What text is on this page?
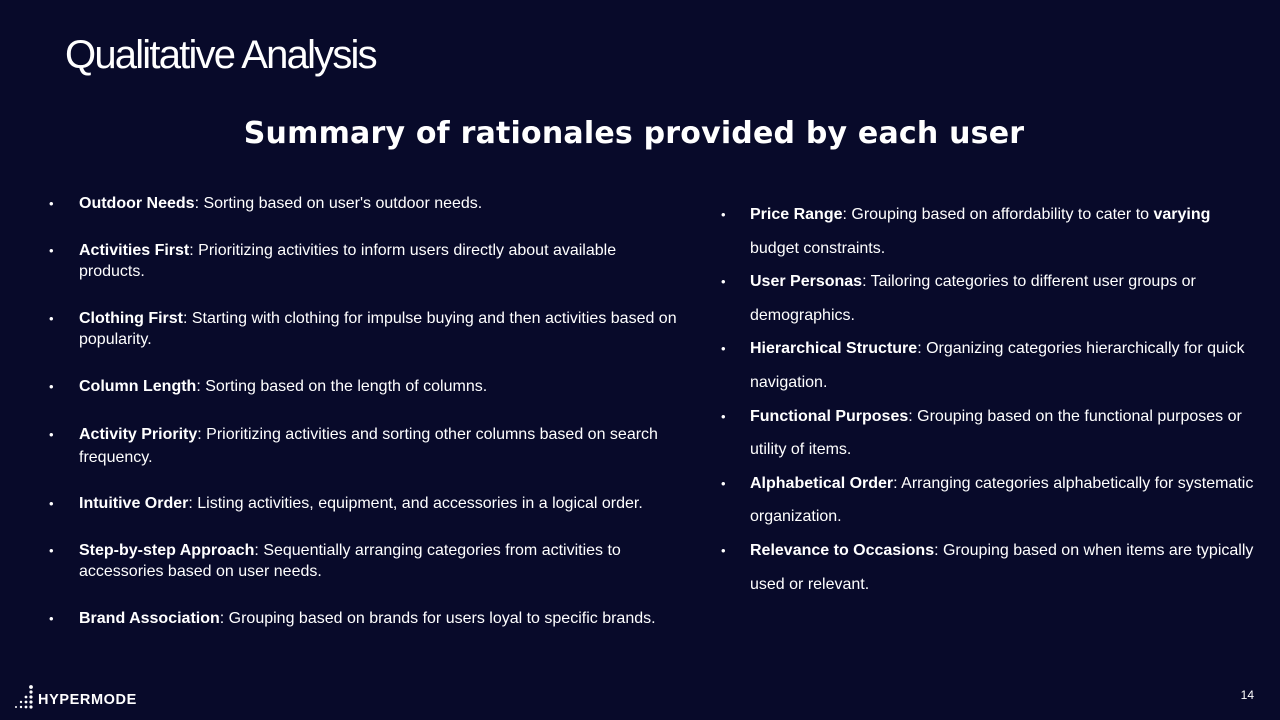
Qualitative Analysis
Summary of rationales provided by each user
• Outdoor Needs: Sorting based on user's outdoor needs.
• Activities First: Prioritizing activities to inform users directly about available products.
• Clothing First: Starting with clothing for impulse buying and then activities based on popularity.
• Column Length: Sorting based on the length of columns.
• Activity Priority: Prioritizing activities and sorting other columns based on search frequency.
• Intuitive Order: Listing activities, equipment, and accessories in a logical order.
• Step-by-step Approach: Sequentially arranging categories from activities to accessories based on user needs.
• Brand Association: Grouping based on brands for users loyal to specific brands.
• Price Range: Grouping based on affordability to cater to varying budget constraints.
• User Personas: Tailoring categories to different user groups or demographics.
• Hierarchical Structure: Organizing categories hierarchically for quick navigation.
• Functional Purposes: Grouping based on the functional purposes or utility of items.
• Alphabetical Order: Arranging categories alphabetically for systematic organization.
• Relevance to Occasions: Grouping based on when items are typically used or relevant.
HYPERMODE	14
